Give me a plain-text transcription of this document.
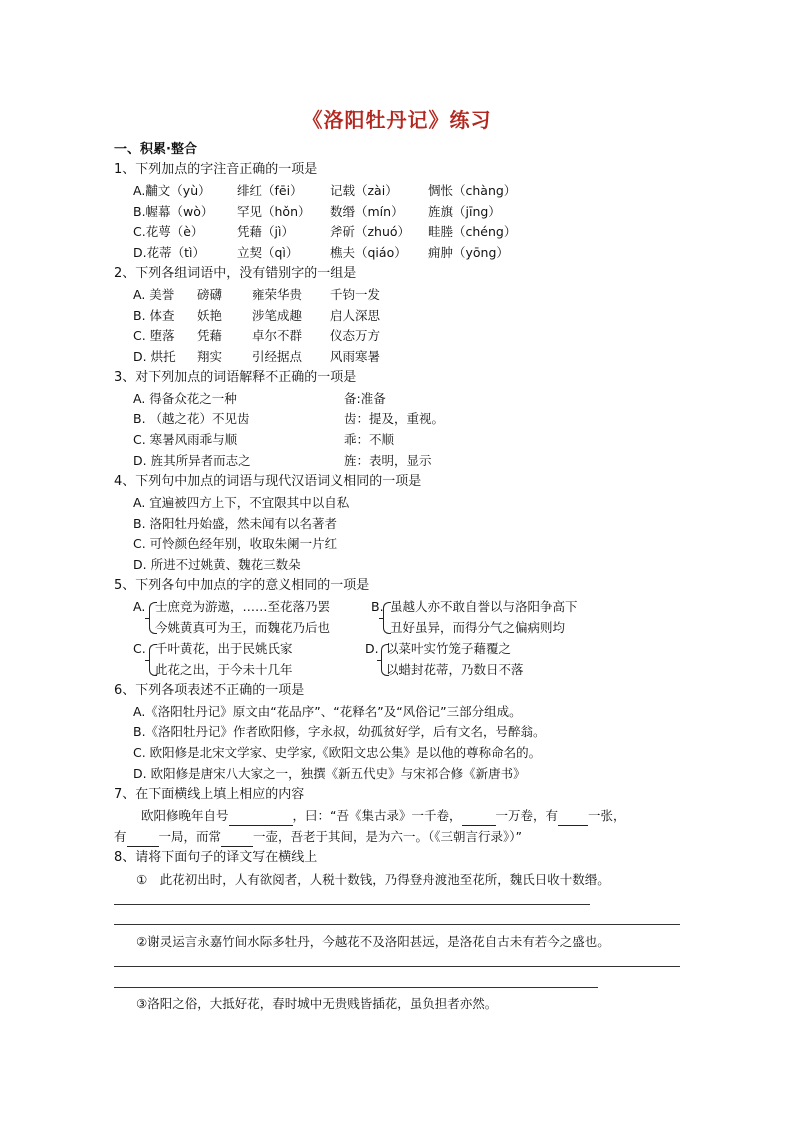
《洛阳牡丹记》练习
一、积累·整合
1、下列加点的字注音正确的一项是
A.黼文（yù） 绯红（fēi） 记载（zài） 惆怅（chàng）
B.幄幕（wò） 罕见（hǒn） 数缗（mín） 旌旗（jīng）
C.花萼（è）	凭藉（jì）	斧斫（zhuó） 畦塍（chéng）
D.花蒂（tì）	立契（qì）	樵夫（qiáo） 痈肿（yōng）
2、下列各组词语中，没有错别字的一组是
A. 美誉 磅礴 雍荣华贵 千钧一发
B. 体查 妖艳 涉笔成趣 启人深思
C. 堕落 凭藉 卓尔不群 仪态万方
D. 烘托 翔实 引经据点 风雨寒暑
3、对下列加点的词语解释不正确的一项是
A. 得备众花之一种	备:准备
B. （越之花）不见齿	齿：提及，重视。
C. 寒暑风雨乖与顺	乖：不顺
D. 旌其所异者而志之	旌：表明，显示
4、下列句中加点的词语与现代汉语词义相同的一项是
A. 宜遍被四方上下，不宜限其中以自私
B. 洛阳牡丹始盛，然未闻有以名著者
C. 可怜颜色经年别，收取朱阑一片红
D. 所进不过姚黄、魏花三数朵
5、下列各句中加点的字的意义相同的一项是
A. 士庶竞为游遨，……至花落乃罢
今姚黄真可为王，而魏花乃后也
B. 虽越人亦不敢自誉以与洛阳争高下
丑好虽异，而得分气之偏病则均
C. 千叶黄花，出于民姚氏家
此花之出，于今未十几年
D. 以菜叶实竹笼子藉覆之
以蜡封花蒂，乃数日不落
6、下列各项表述不正确的一项是
A.《洛阳牡丹记》原文由“花品序”、“花释名”及“风俗记”三部分组成。
B.《洛阳牡丹记》作者欧阳修，字永叔，幼孤贫好学，后有文名，号醉翁。
C. 欧阳修是北宋文学家、史学家,《欧阳文忠公集》是以他的尊称命名的。
D. 欧阳修是唐宋八大家之一，独撰《新五代史》与宋祁合修《新唐书》
7、在下面横线上填上相应的内容
欧阳修晚年自号	，曰：“吾《集古录》一千卷，	一万卷，有 一张，
有	一局，而常	一壶，吾老于其间，是为六一。（《三朝言行录》）”
8、请将下面句子的译文写在横线上
①　此花初出时，人有欲阅者，人税十数钱，乃得登舟渡池至花所，魏氏日收十数缗。
②谢灵运言永嘉竹间水际多牡丹，今越花不及洛阳甚远，是洛花自古未有若今之盛也。
③洛阳之俗，大抵好花，春时城中无贵贱皆插花，虽负担者亦然。
